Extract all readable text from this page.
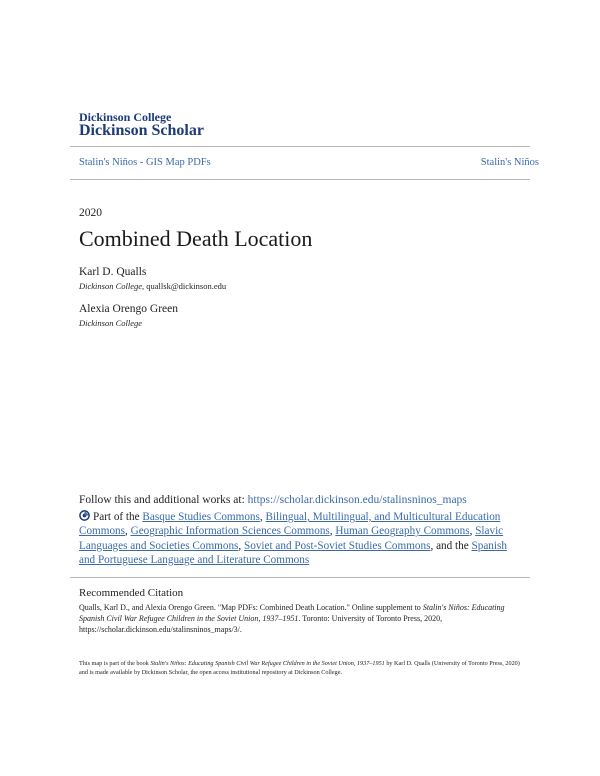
Dickinson College
Dickinson Scholar
Stalin's Niños - GIS Map PDFs	Stalin's Niños
2020
Combined Death Location
Karl D. Qualls
Dickinson College, quallsk@dickinson.edu
Alexia Orengo Green
Dickinson College
Follow this and additional works at: https://scholar.dickinson.edu/stalinsninos_maps
Part of the Basque Studies Commons, Bilingual, Multilingual, and Multicultural Education Commons, Geographic Information Sciences Commons, Human Geography Commons, Slavic Languages and Societies Commons, Soviet and Post-Soviet Studies Commons, and the Spanish and Portuguese Language and Literature Commons
Recommended Citation
Qualls, Karl D., and Alexia Orengo Green. "Map PDFs: Combined Death Location." Online supplement to Stalin's Niños: Educating Spanish Civil War Refugee Children in the Soviet Union, 1937–1951. Toronto: University of Toronto Press, 2020, https://scholar.dickinson.edu/stalinsninos_maps/3/.
This map is part of the book Stalin's Niños: Educating Spanish Civil War Refugee Children in the Soviet Union, 1937–1951 by Karl D. Qualls (University of Toronto Press, 2020) and is made available by Dickinson Scholar, the open access institutional repository at Dickinson College.
